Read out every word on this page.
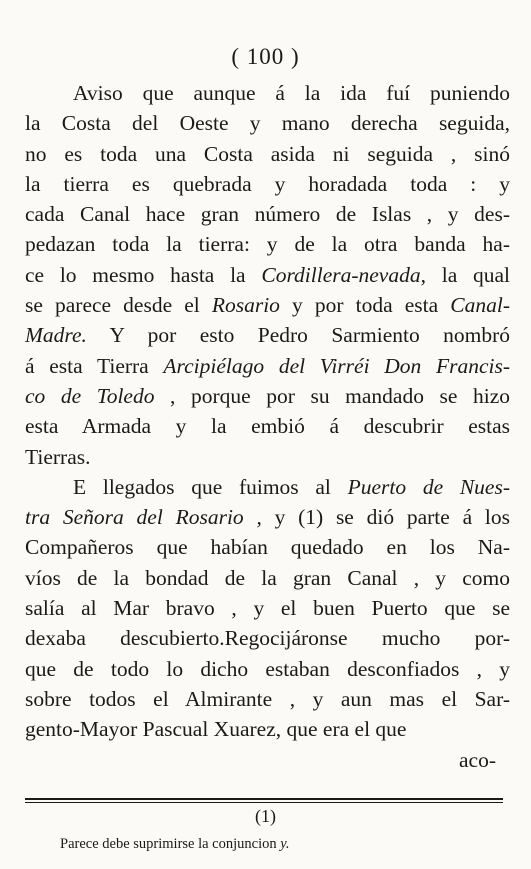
( 100 )
Aviso que aunque á la ida fuí puniendo
la Costa del Oeste y mano derecha seguida,
no es toda una Costa asida ni seguida , sinó
la tierra es quebrada y horadada toda : y
cada Canal hace gran número de Islas , y des-
pedazan toda la tierra: y de la otra banda ha-
ce lo mesmo hasta la Cordillera-nevada, la qual
se parece desde el Rosario y por toda esta Canal-
Madre. Y por esto Pedro Sarmiento nombró
á esta Tierra Arcipiélago del Virréi Don Francis-
co de Toledo , porque por su mandado se hizo
esta Armada y la embió á descubrir estas
Tierras.
E llegados que fuimos al Puerto de Nues-
tra Señora del Rosario , y (1) se dió parte á los
Compañeros que habían quedado en los Na-
víos de la bondad de la gran Canal , y como
salía al Mar bravo , y el buen Puerto que se
dexaba descubierto.Regocijáronse mucho por-
que de todo lo dicho estaban desconfiados , y
sobre todos el Almirante , y aun mas el Sar-
gento-Mayor Pascual Xuarez, que era el que
aco-
(1)
Parece debe suprimirse la conjuncion y.
